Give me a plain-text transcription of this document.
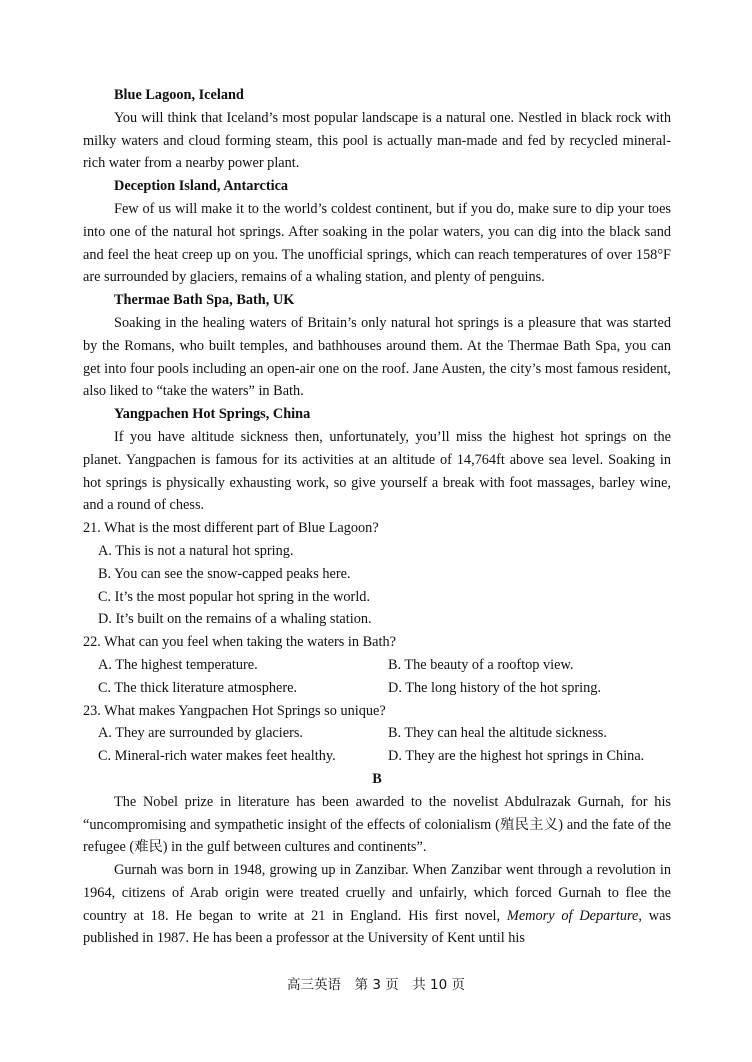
Blue Lagoon, Iceland

You will think that Iceland’s most popular landscape is a natural one. Nestled in black rock with milky waters and cloud forming steam, this pool is actually man-made and fed by recycled mineral-rich water from a nearby power plant.

Deception Island, Antarctica

Few of us will make it to the world’s coldest continent, but if you do, make sure to dip your toes into one of the natural hot springs. After soaking in the polar waters, you can dig into the black sand and feel the heat creep up on you. The unofficial springs, which can reach temperatures of over 158°F are surrounded by glaciers, remains of a whaling station, and plenty of penguins.

Thermae Bath Spa, Bath, UK

Soaking in the healing waters of Britain’s only natural hot springs is a pleasure that was started by the Romans, who built temples, and bathhouses around them. At the Thermae Bath Spa, you can get into four pools including an open-air one on the roof. Jane Austen, the city’s most famous resident, also liked to “take the waters” in Bath.

Yangpachen Hot Springs, China

If you have altitude sickness then, unfortunately, you’ll miss the highest hot springs on the planet. Yangpachen is famous for its activities at an altitude of 14,764ft above sea level. Soaking in hot springs is physically exhausting work, so give yourself a break with foot massages, barley wine, and a round of chess.

21. What is the most different part of Blue Lagoon?

A. This is not a natural hot spring.

B. You can see the snow-capped peaks here.

C. It’s the most popular hot spring in the world.

D. It’s built on the remains of a whaling station.

22. What can you feel when taking the waters in Bath?

A. The highest temperature.	B. The beauty of a rooftop view.
C. The thick literature atmosphere.	D. The long history of the hot spring.

23. What makes Yangpachen Hot Springs so unique?

A. They are surrounded by glaciers.	B. They can heal the altitude sickness.
C. Mineral-rich water makes feet healthy.	D. They are the highest hot springs in China.

B

The Nobel prize in literature has been awarded to the novelist Abdulrazak Gurnah, for his “uncompromising and sympathetic insight of the effects of colonialism (殖民主义) and the fate of the refugee (难民) in the gulf between cultures and continents”.

Gurnah was born in 1948, growing up in Zanzibar. When Zanzibar went through a revolution in 1964, citizens of Arab origin were treated cruelly and unfairly, which forced Gurnah to flee the country at 18. He began to write at 21 in England. His first novel, Memory of Departure, was published in 1987. He has been a professor at the University of Kent until his

高三英语　第 3 页　共 10 页
